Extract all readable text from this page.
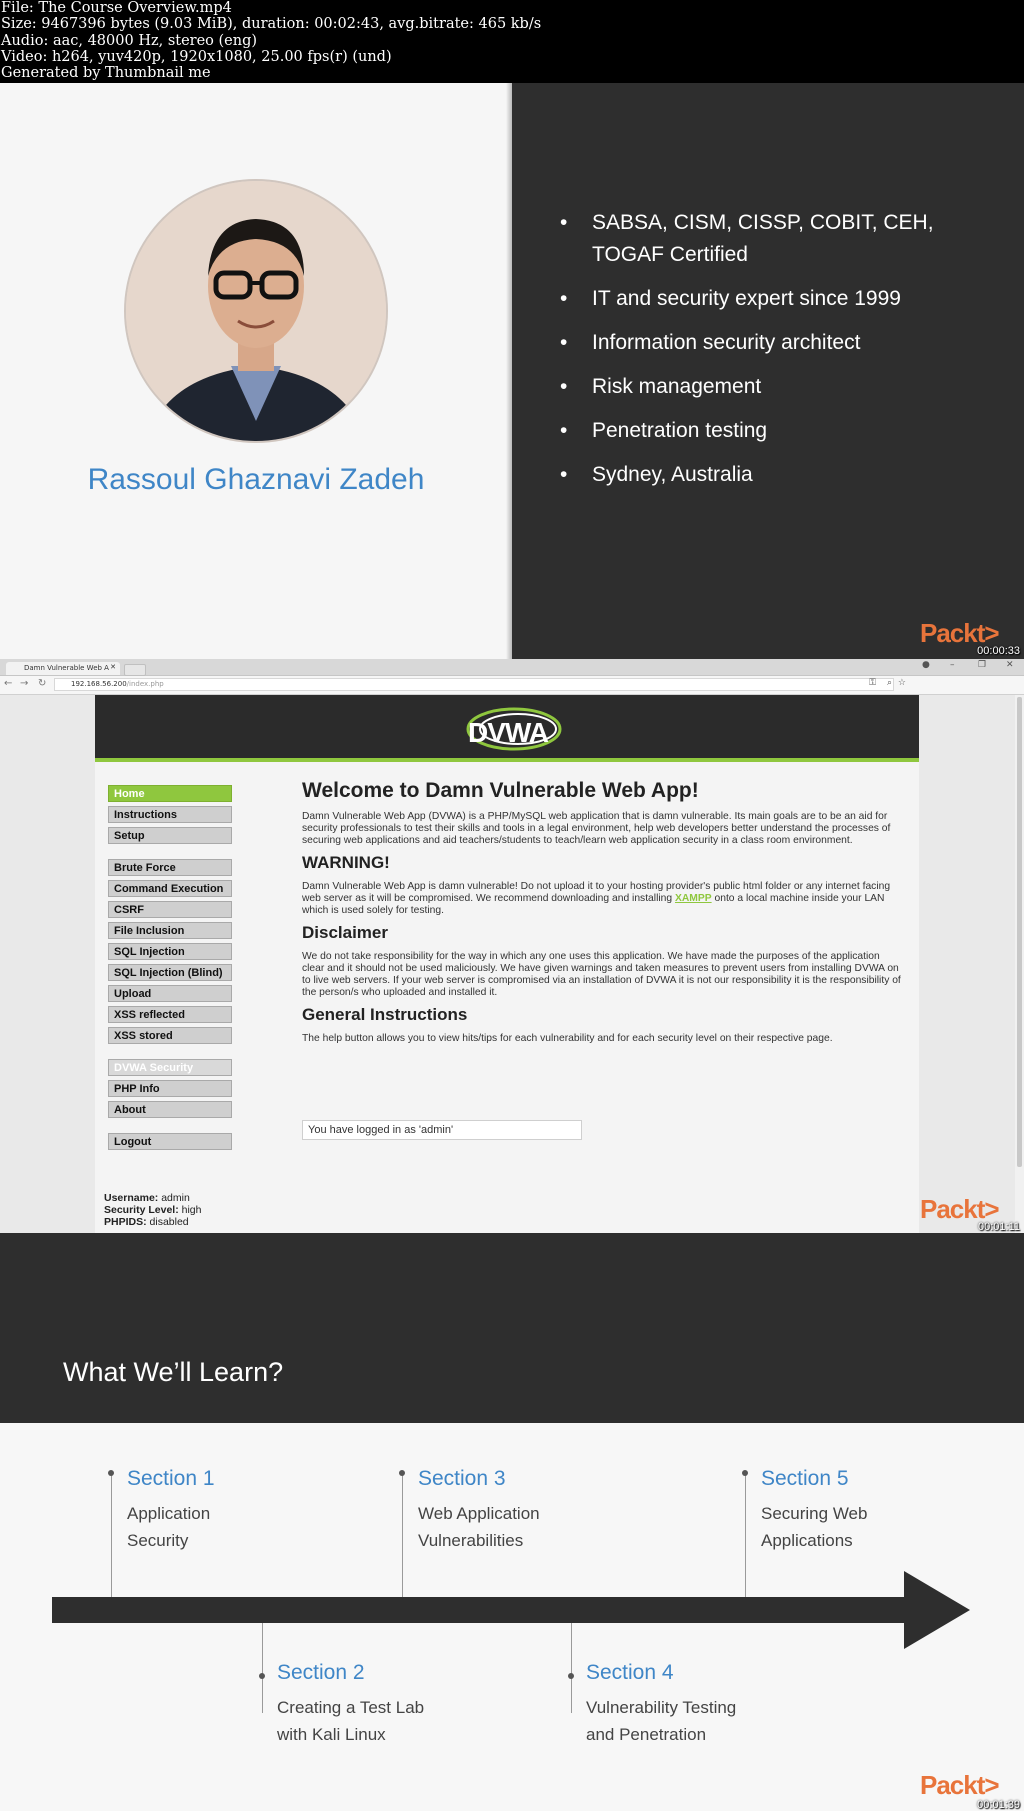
File: The Course Overview.mp4
Size: 9467396 bytes (9.03 MiB), duration: 00:02:43, avg.bitrate: 465 kb/s
Audio: aac, 48000 Hz, stereo (eng)
Video: h264, yuv420p, 1920x1080, 25.00 fps(r) (und)
Generated by Thumbnail me
Rassoul Ghaznavi Zadeh
• SABSA, CISM, CISSP, COBIT, CEH, TOGAF Certified
• IT and security expert since 1999
• Information security architect
• Risk management
• Penetration testing
• Sydney, Australia
Packt>
00:00:33
Damn Vulnerable Web A ✕	● –	❐ ✕
← → ↻	192.168.56.200/index.php	⚿ ⌕ ☆
DVWA
Home
Instructions
Setup
Brute Force
Command Execution
CSRF
File Inclusion
SQL Injection
SQL Injection (Blind)
Upload
XSS reflected
XSS stored
DVWA Security
PHP Info
About
Logout
Welcome to Damn Vulnerable Web App!

Damn Vulnerable Web App (DVWA) is a PHP/MySQL web application that is damn vulnerable. Its main goals are to be an aid for security professionals to test their skills and tools in a legal environment, help web developers better understand the processes of securing web applications and aid teachers/students to teach/learn web application security in a class room environment.

WARNING!

Damn Vulnerable Web App is damn vulnerable! Do not upload it to your hosting provider's public html folder or any internet facing web server as it will be compromised. We recommend downloading and installing XAMPP onto a local machine inside your LAN which is used solely for testing.

Disclaimer

We do not take responsibility for the way in which any one uses this application. We have made the purposes of the application clear and it should not be used maliciously. We have given warnings and taken measures to prevent users from installing DVWA on to live web servers. If your web server is compromised via an installation of DVWA it is not our responsibility it is the responsibility of the person/s who uploaded and installed it.

General Instructions

The help button allows you to view hits/tips for each vulnerability and for each security level on their respective page.

You have logged in as 'admin'
Username: admin
Security Level: high
PHPIDS: disabled	Packt>
00:01:11
What We’ll Learn?
Section 1
Application
Security
Section 3
Web Application
Vulnerabilities
Section 5
Securing Web
Applications
Section 2
Creating a Test Lab
with Kali Linux
Section 4
Vulnerability Testing
and Penetration
Packt>
00:01:39
